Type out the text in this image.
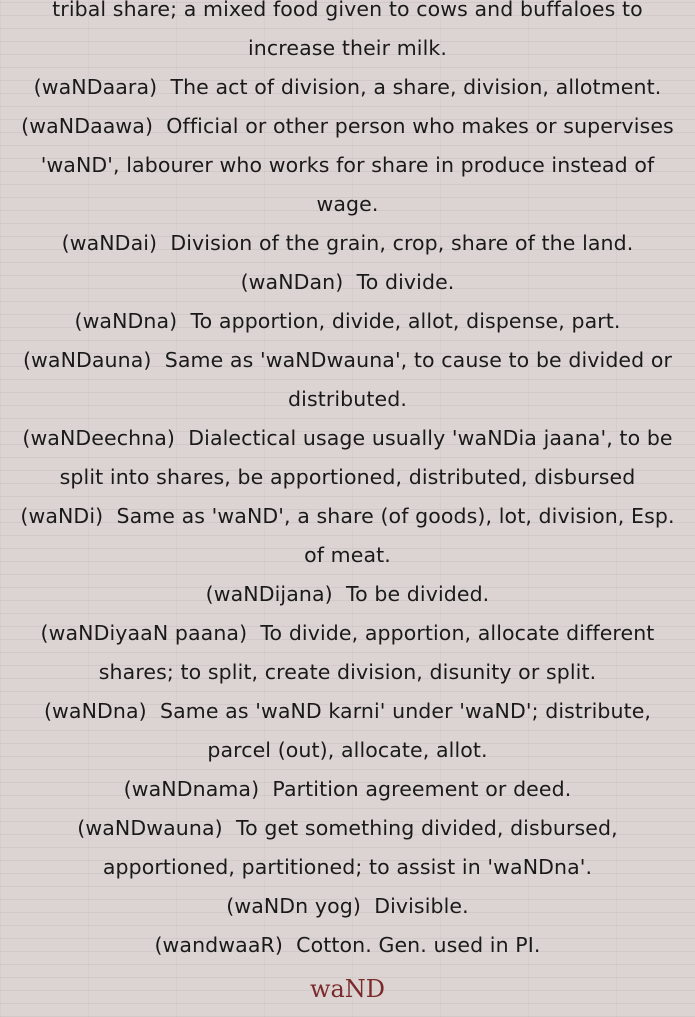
tribal share; a mixed food given to cows and buffaloes to increase their milk.

(waNDaara) The act of division, a share, division, allotment.

(waNDaawa) Official or other person who makes or supervises 'waND', labourer who works for share in produce instead of wage.

(waNDai) Division of the grain, crop, share of the land.

(waNDan) To divide.

(waNDna) To apportion, divide, allot, dispense, part.

(waNDauna) Same as 'waNDwauna', to cause to be divided or distributed.

(waNDeechna) Dialectical usage usually 'waNDia jaana', to be split into shares, be apportioned, distributed, disbursed

(waNDi) Same as 'waND', a share (of goods), lot, division, Esp. of meat.

(waNDijana) To be divided.

(waNDiyaaN paana) To divide, apportion, allocate different shares; to split, create division, disunity or split.

(waNDna) Same as 'waND karni' under 'waND'; distribute, parcel (out), allocate, allot.

(waNDnama) Partition agreement or deed.

(waNDwauna) To get something divided, disbursed, apportioned, partitioned; to assist in 'waNDna'.

(waNDn yog) Divisible.

(wandwaaR) Cotton. Gen. used in PI.

waND
